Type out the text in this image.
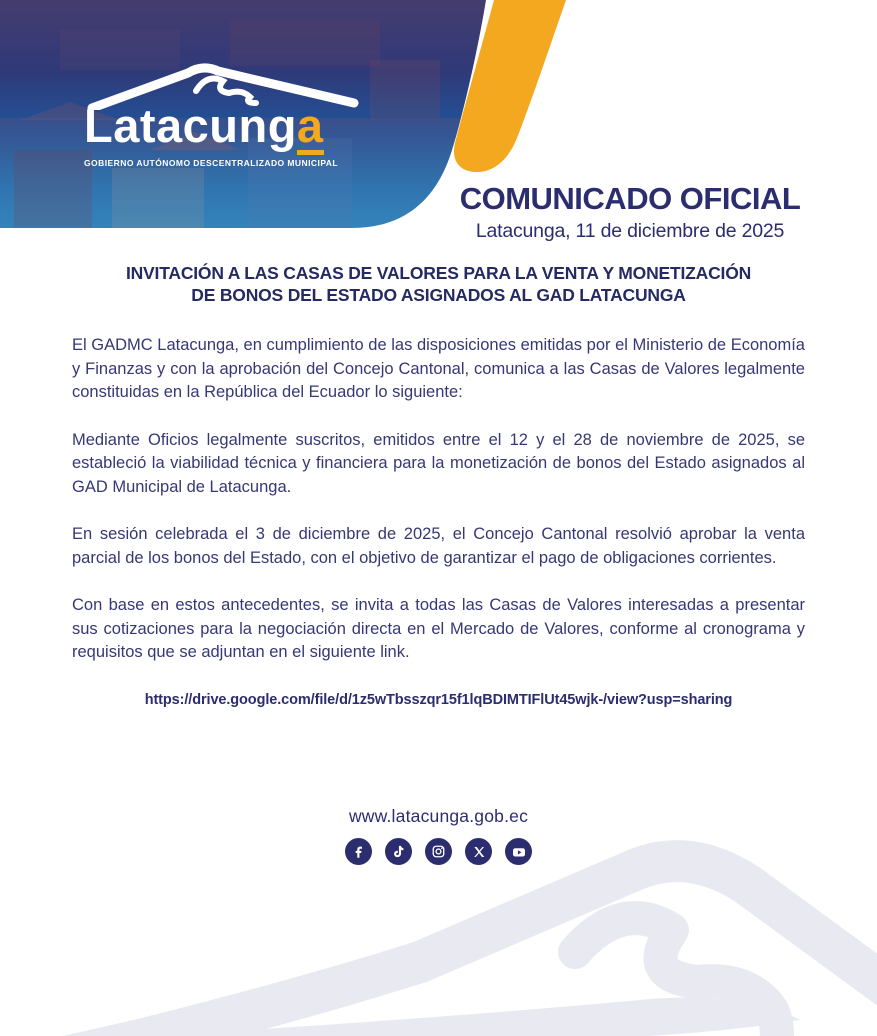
Latacunga
GOBIERNO AUTÓNOMO DESCENTRALIZADO MUNICIPAL
COMUNICADO OFICIAL
Latacunga, 11 de diciembre de 2025
INVITACIÓN A LAS CASAS DE VALORES PARA LA VENTA Y MONETIZACIÓN
DE BONOS DEL ESTADO ASIGNADOS AL GAD LATACUNGA

El GADMC Latacunga, en cumplimiento de las disposiciones emitidas por el Ministerio de Economía y Finanzas y con la aprobación del Concejo Cantonal, comunica a las Casas de Valores legalmente constituidas en la República del Ecuador lo siguiente:

Mediante Oficios legalmente suscritos, emitidos entre el 12 y el 28 de noviembre de 2025, se estableció la viabilidad técnica y financiera para la monetización de bonos del Estado asignados al GAD Municipal de Latacunga.

En sesión celebrada el 3 de diciembre de 2025, el Concejo Cantonal resolvió aprobar la venta parcial de los bonos del Estado, con el objetivo de garantizar el pago de obligaciones corrientes.

Con base en estos antecedentes, se invita a todas las Casas de Valores interesadas a presentar sus cotizaciones para la negociación directa en el Mercado de Valores, conforme al cronograma y requisitos que se adjuntan en el siguiente link.

https://drive.google.com/file/d/1z5wTbsszqr15f1lqBDIMTIFlUt45wjk-/view?usp=sharing
www.latacunga.gob.ec
